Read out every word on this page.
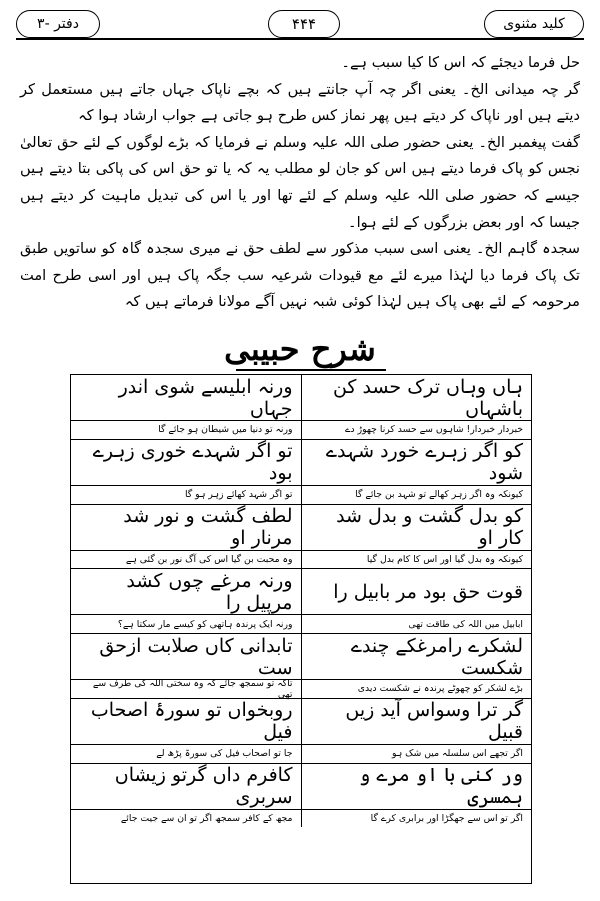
کلید مثنوی
۴۴۴
دفتر -۳

حل فرما دیجئے کہ اس کا کیا سبب ہے۔

گر چہ میدانی الخ۔ یعنی اگر چہ آپ جانتے ہیں کہ بچے ناپاک جہاں جاتے ہیں مستعمل کر دیتے ہیں اور ناپاک کر دیتے ہیں پھر نماز کس طرح ہو جاتی ہے جواب ارشاد ہوا کہ

گفت پیغمبر الخ۔ یعنی حضور صلی اللہ علیہ وسلم نے فرمایا کہ بڑے لوگوں کے لئے حق تعالیٰ نجس کو پاک فرما دیتے ہیں اس کو جان لو مطلب یہ کہ یا تو حق اس کی پاکی بتا دیتے ہیں جیسے کہ حضور صلی اللہ علیہ وسلم کے لئے تھا اور یا اس کی تبدیل ماہیت کر دیتے ہیں جیسا کہ اور بعض بزرگوں کے لئے ہوا۔

سجدہ گاہم الخ۔ یعنی اسی سبب مذکور سے لطف حق نے میری سجدہ گاہ کو ساتویں طبق تک پاک فرما دیا لہٰذا میرے لئے مع قیودات شرعیہ سب جگہ پاک ہیں اور اسی طرح امت مرحومہ کے لئے بھی پاک ہیں لہٰذا کوئی شبہ نہیں آگے مولانا فرماتے ہیں کہ

شرح حبیبی
ہاں وہاں ترک حسد کن باشہاں
ورنہ ابلیسے شوی اندر جہاں
خبردار خبردار! شاہوں سے حسد کرنا چھوڑ دے
ورنہ تو دنیا میں شیطان ہو جائے گا
کو اگر زہرے خورد شہدے شود
تو اگر شہدے خوری زہرے بود
کیونکہ وہ اگر زہر کھالے تو شہد بن جائے گا
تو اگر شہد کھائے زہر ہو گا
کو بدل گشت و بدل شد کار او
لطف گشت و نور شد مرنار او
کیونکہ وہ بدل گیا اور اس کا کام بدل گیا
وہ محبت بن گیا اس کی آگ نور بن گئی ہے
قوت حق بود مر بابیل را
ورنہ مرغے چوں کشد مرپیل را
ابابیل میں اللہ کی طاقت تھی
ورنہ ایک پرندہ ہاتھی کو کیسے مار سکتا ہے؟
لشکرے رامرغکے چندے شکست
تابدانی کاں صلابت ازحق ست
بڑے لشکر کو چھوٹے پرندہ نے شکست دیدی
تاکہ تو سمجھ جائے کہ وہ سختی اللہ کی طرف سے تھی
گر ترا وسواس آید زیں قبیل
روبخواں تو سورۂ اصحاب فیل
اگر تجھے اس سلسلہ میں شک ہو
جا تو اصحاب فیل کی سورۃ پڑھ لے
ور کنی با او مرے و ہمسری
کافرم داں گرتو زیشاں سربری
اگر تو اس سے جھگڑا اور برابری کرے گا
مجھ کے کافر سمجھ اگر تو ان سے جیت جائے
